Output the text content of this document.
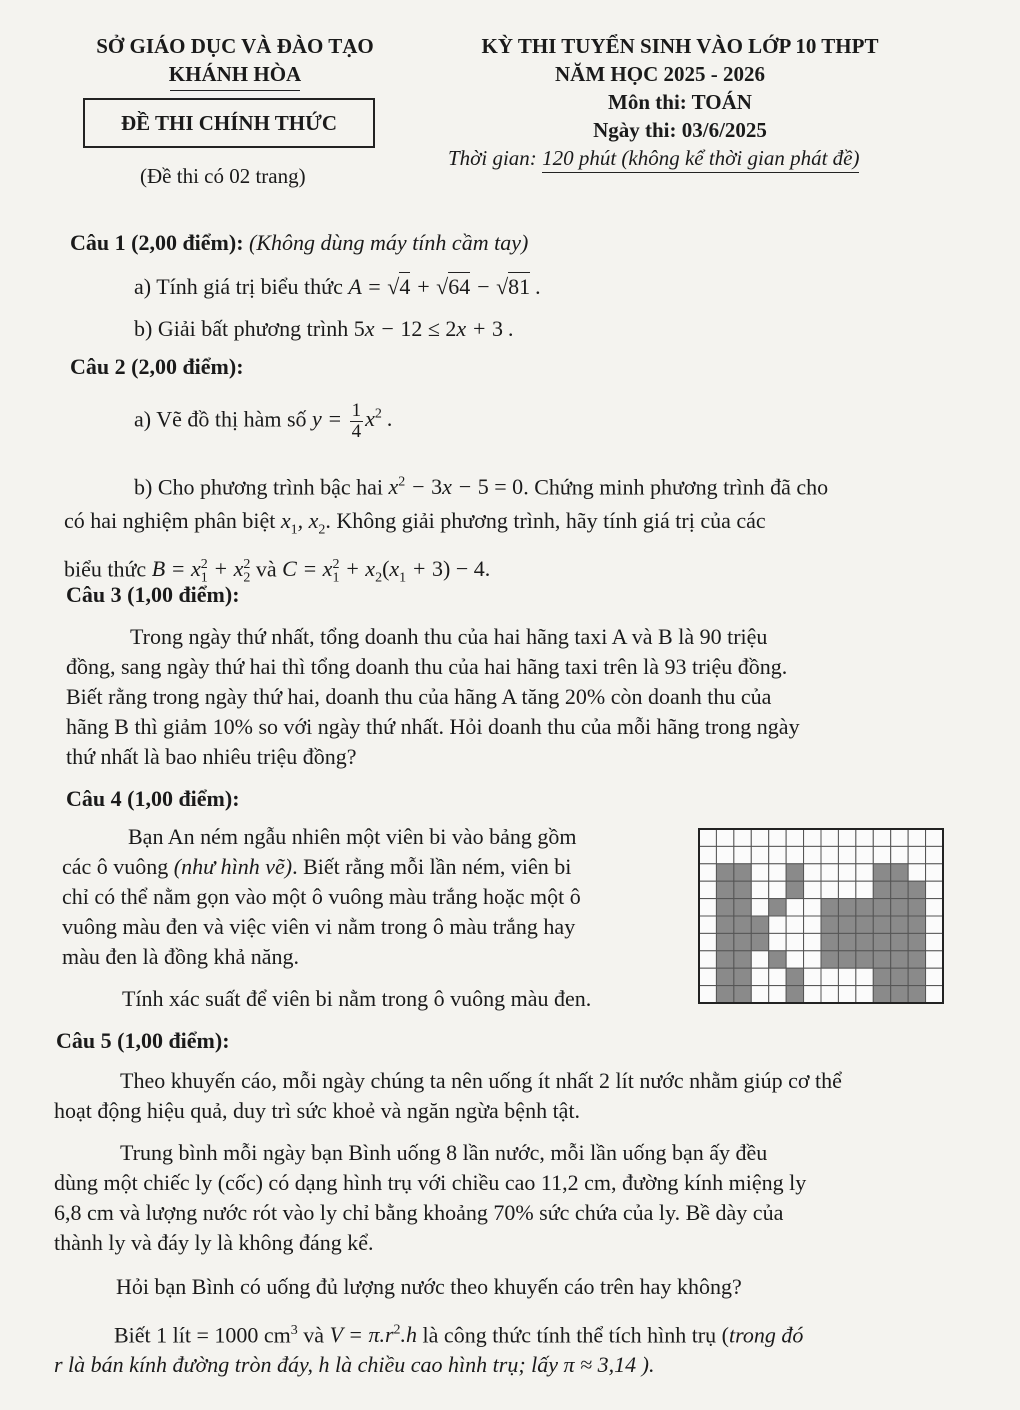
SỞ GIÁO DỤC VÀ ĐÀO TẠO
KHÁNH HÒA
ĐỀ THI CHÍNH THỨC
(Đề thi có 02 trang)
KỲ THI TUYỂN SINH VÀO LỚP 10 THPT
NĂM HỌC 2025 - 2026
Môn thi: TOÁN
Ngày thi: 03/6/2025
Thời gian: 120 phút (không kể thời gian phát đề)
Câu 1 (2,00 điểm): (Không dùng máy tính cầm tay)
a) Tính giá trị biểu thức A = √4 + √64 − √81 .
b) Giải bất phương trình 5x − 12 ≤ 2x + 3 .
Câu 2 (2,00 điểm):
a) Vẽ đồ thị hàm số $y = \frac{1}{4} x^2$ .
b) Cho phương trình bậc hai $x^2 - 3x - 5 = 0$. Chứng minh phương trình đã cho
có hai nghiệm phân biệt $x_1$, $x_2$. Không giải phương trình, hãy tính giá trị của các
biểu thức $B = x_1^2 + x_2^2$ và $C = x_1^2 + x_2(x_1 + 3) - 4$.
Câu 3 (1,00 điểm):
Trong ngày thứ nhất, tổng doanh thu của hai hãng taxi A và B là 90 triệu
đồng, sang ngày thứ hai thì tổng doanh thu của hai hãng taxi trên là 93 triệu đồng.
Biết rằng trong ngày thứ hai, doanh thu của hãng A tăng 20% còn doanh thu của
hãng B thì giảm 10% so với ngày thứ nhất. Hỏi doanh thu của mỗi hãng trong ngày
thứ nhất là bao nhiêu triệu đồng?
Câu 4 (1,00 điểm):
Bạn An ném ngẫu nhiên một viên bi vào bảng gồm
các ô vuông (như hình vẽ). Biết rằng mỗi lần ném, viên bi
chỉ có thể nằm gọn vào một ô vuông màu trắng hoặc một ô
vuông màu đen và việc viên vi nằm trong ô màu trắng hay
màu đen là đồng khả năng.
Tính xác suất để viên bi nằm trong ô vuông màu đen.
Câu 5 (1,00 điểm):
Theo khuyến cáo, mỗi ngày chúng ta nên uống ít nhất 2 lít nước nhằm giúp cơ thể
hoạt động hiệu quả, duy trì sức khoẻ và ngăn ngừa bệnh tật.
Trung bình mỗi ngày bạn Bình uống 8 lần nước, mỗi lần uống bạn ấy đều
dùng một chiếc ly (cốc) có dạng hình trụ với chiều cao 11,2 cm, đường kính miệng ly
6,8 cm và lượng nước rót vào ly chỉ bằng khoảng 70% sức chứa của ly. Bề dày của
thành ly và đáy ly là không đáng kể.
Hỏi bạn Bình có uống đủ lượng nước theo khuyến cáo trên hay không?
Biết 1 lít = 1000 $cm^3$ và $V = \pi.r^2.h$ là công thức tính thể tích hình trụ (trong đó
r là bán kính đường tròn đáy, h là chiều cao hình trụ; lấy π ≈ 3,14 ).
